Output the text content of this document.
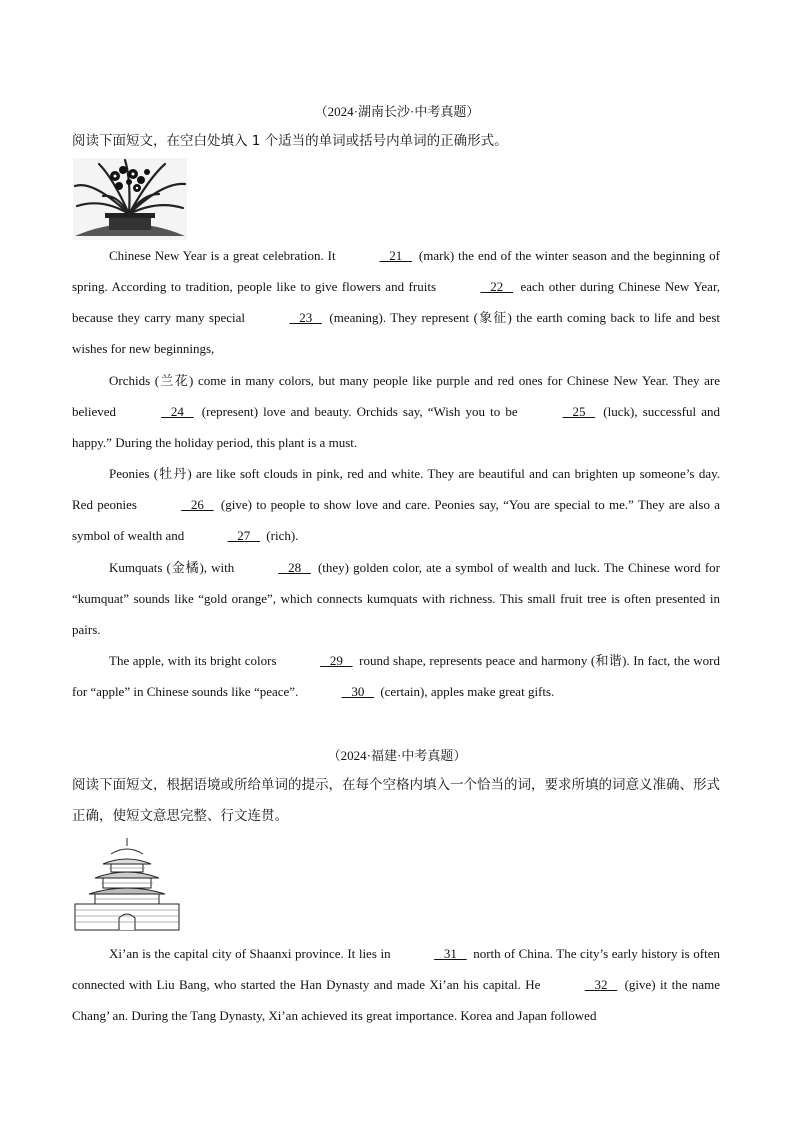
（2024·湖南长沙·中考真题）
阅读下面短文，在空白处填入 1 个适当的单词或括号内单词的正确形式。
Chinese New Year is a great celebration. It	21    (mark) the end of the winter season and the beginning of spring. According to tradition, people like to give flowers and fruits	22    each other during Chinese New Year, because they carry many special	23    (meaning). They represent (象征) the earth coming back to life and best wishes for new beginnings,
Orchids (兰花) come in many colors, but many people like purple and red ones for Chinese New Year. They are believed	24    (represent) love and beauty. Orchids say, “Wish you to be	25    (luck), successful and happy.” During the holiday period, this plant is a must.
Peonies (牡丹) are like soft clouds in pink, red and white. They are beautiful and can brighten up someone’s day. Red peonies	26    (give) to people to show love and care. Peonies say, “You are special to me.” They are also a symbol of wealth and	27    (rich).
Kumquats (金橘), with	28    (they) golden color, ate a symbol of wealth and luck. The Chinese word for “kumquat” sounds like “gold orange”, which connects kumquats with richness. This small fruit tree is often presented in pairs.
The apple, with its bright colors	29    round shape, represents peace and harmony (和谐). In fact, the word for “apple” in Chinese sounds like “peace”.	30    (certain), apples make great gifts.
（2024·福建·中考真题）
阅读下面短文，根据语境或所给单词的提示，在每个空格内填入一个恰当的词，要求所填的词意义准确、形式正确，使短文意思完整、行文连贯。
Xi’an is the capital city of Shaanxi province. It lies in	31    north of China. The city’s early history is often connected with Liu Bang, who started the Han Dynasty and made Xi’an his capital. He	32    (give) it the name Chang’ an. During the Tang Dynasty, Xi’an achieved its great importance. Korea and Japan followed
